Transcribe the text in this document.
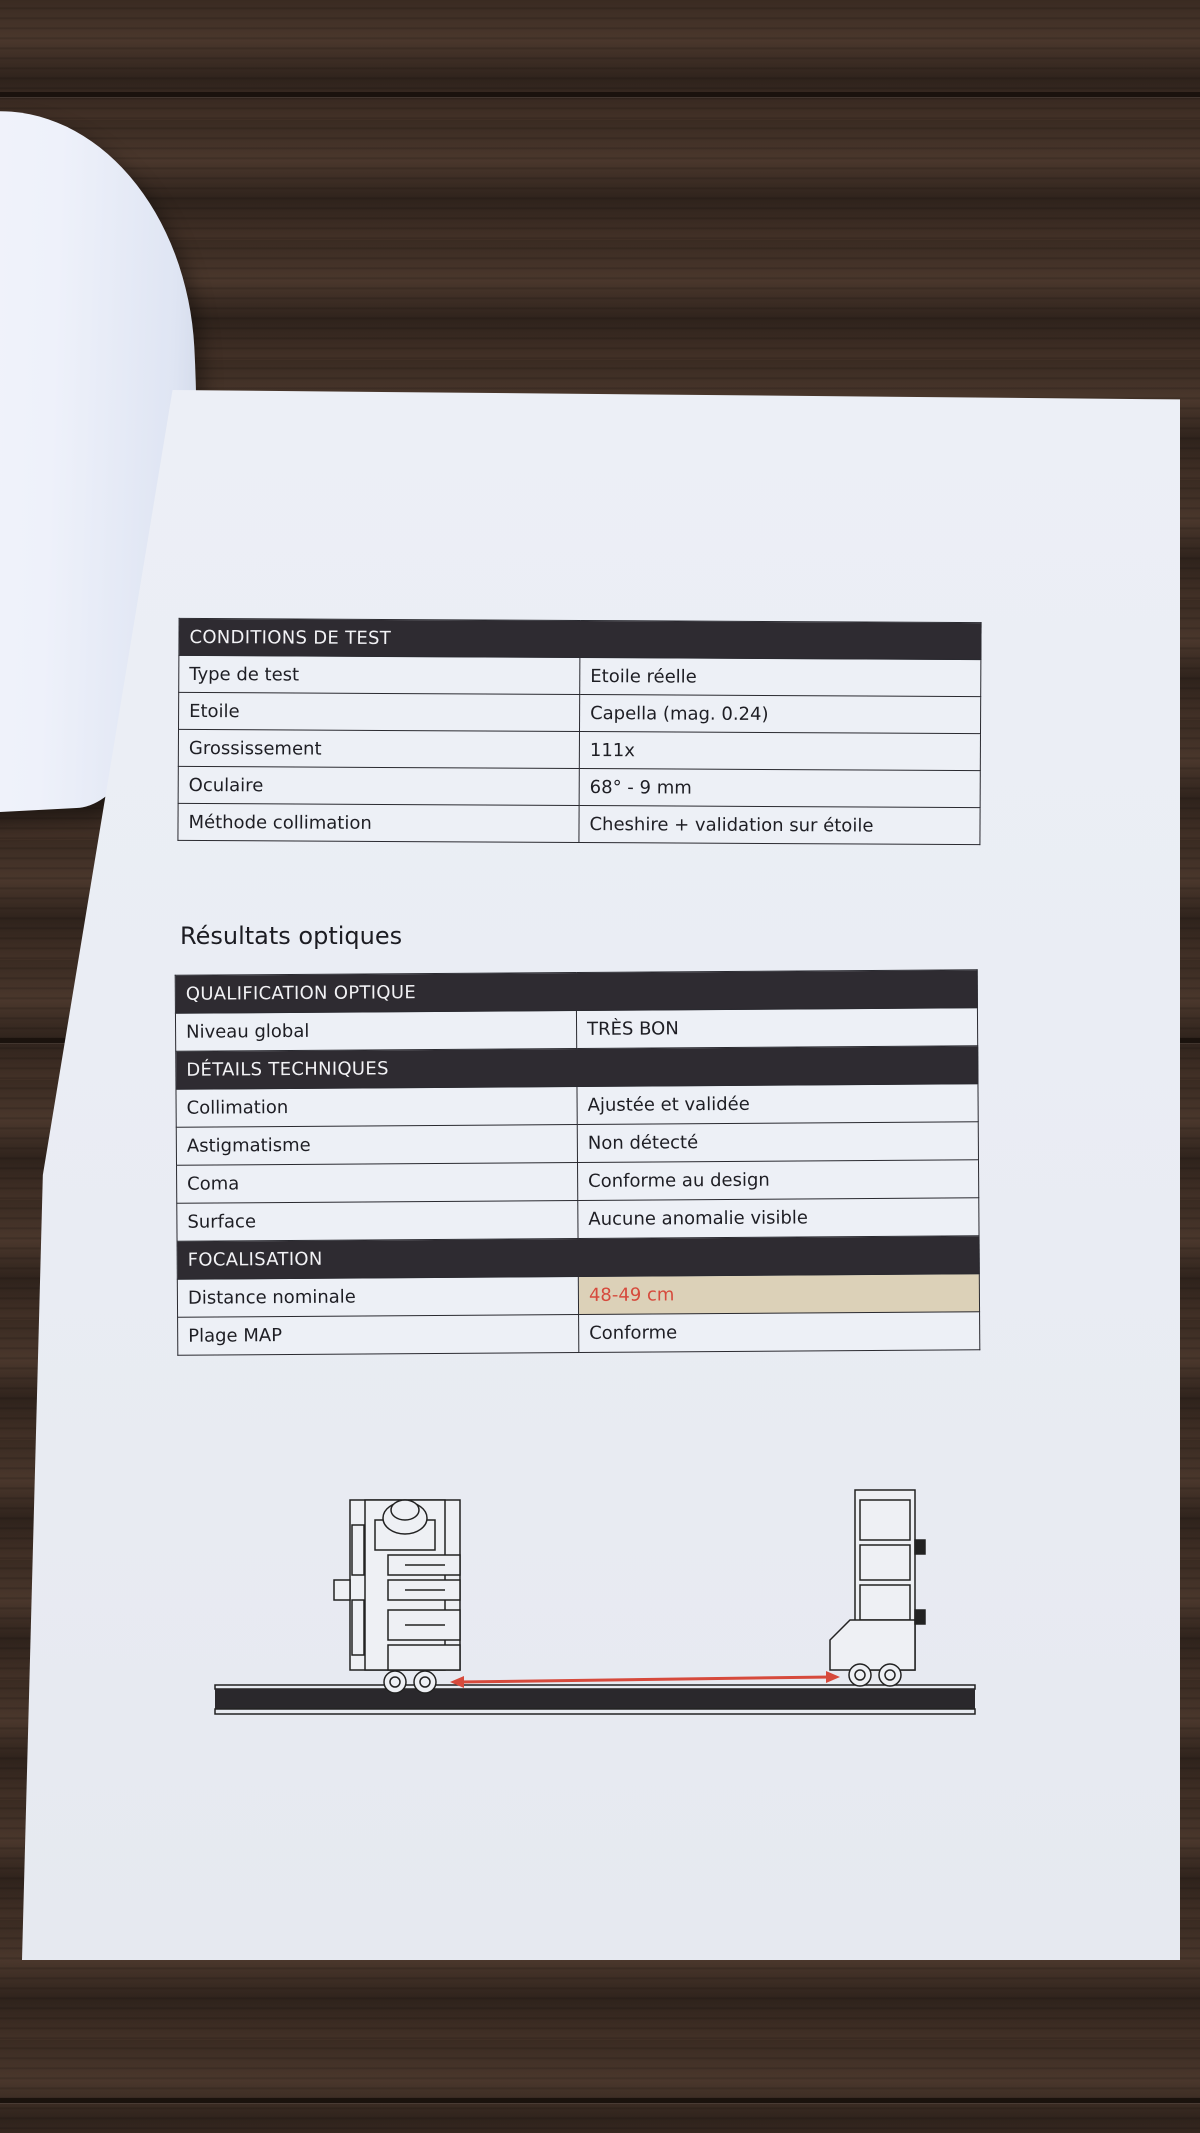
CONDITIONS DE TEST	
Type de test	Etoile réelle
Etoile	Capella (mag. 0.24)
Grossissement	111x
Oculaire	68° - 9 mm
Méthode collimation	Cheshire + validation sur étoile
Résultats optiques
QUALIFICATION OPTIQUE	
Niveau global	TRÈS BON
DÉTAILS TECHNIQUES	
Collimation	Ajustée et validée
Astigmatisme	Non détecté
Coma	Conforme au design
Surface	Aucune anomalie visible
FOCALISATION	
Distance nominale	48-49 cm
Plage MAP	Conforme
